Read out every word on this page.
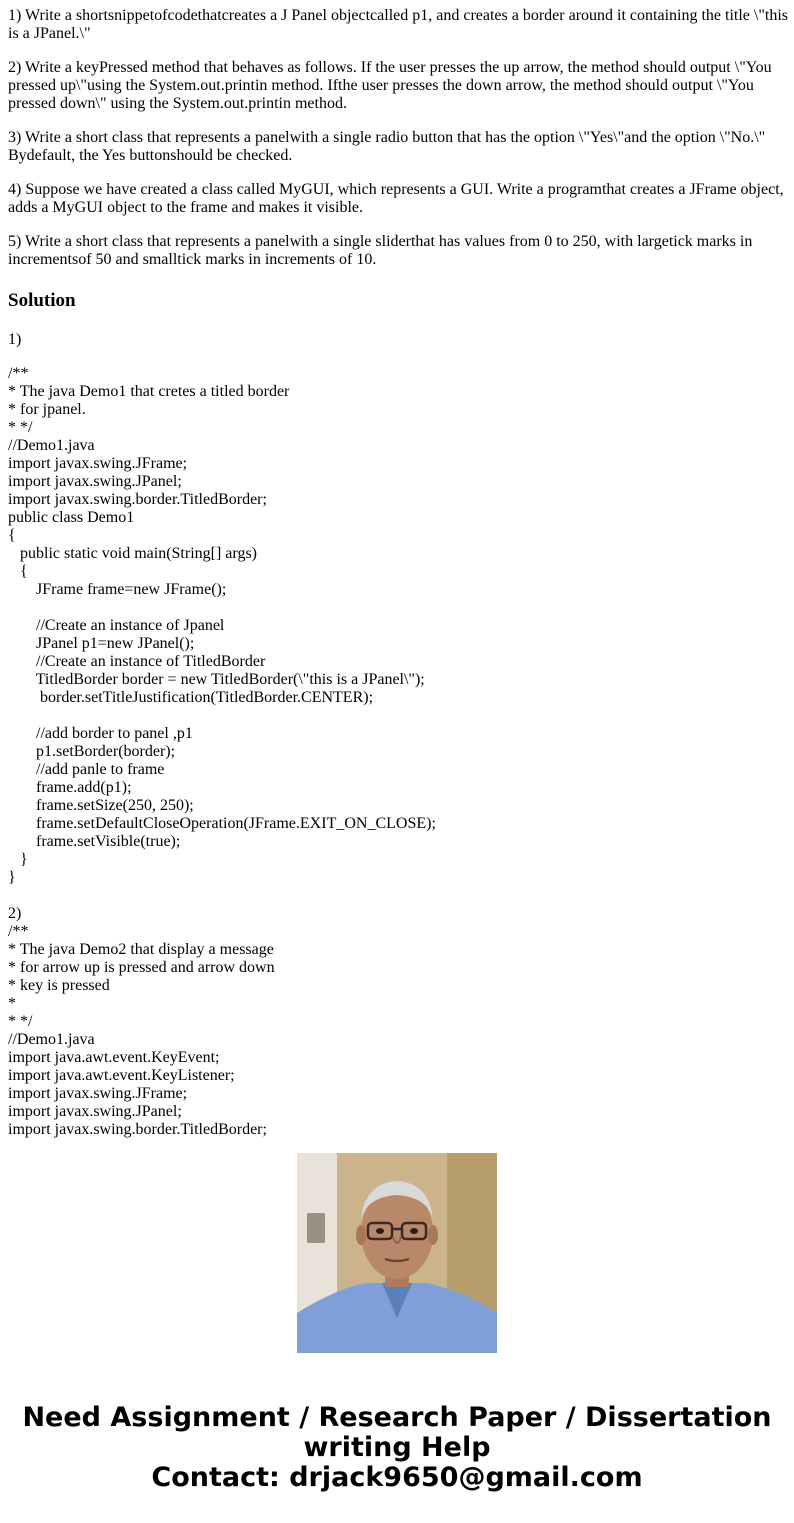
1) Write a shortsnippetofcodethatcreates a J Panel objectcalled p1, and creates a border around it containing the title \"this is a JPanel.\"

2) Write a keyPressed method that behaves as follows. If the user presses the up arrow, the method should output \"You pressed up\"using the System.out.printin method. Ifthe user presses the down arrow, the method should output \"You pressed down\" using the System.out.printin method.

3) Write a short class that represents a panelwith a single radio button that has the option \"Yes\"and the option \"No.\" Bydefault, the Yes buttonshould be checked.

4) Suppose we have created a class called MyGUI, which represents a GUI. Write a programthat creates a JFrame object, adds a MyGUI object to the frame and makes it visible.

5) Write a short class that represents a panelwith a single sliderthat has values from 0 to 250, with largetick marks in incrementsof 50 and smalltick marks in increments of 10.

Solution

1)

/**
* The java Demo1 that cretes a titled border
* for jpanel.
* */
//Demo1.java
import javax.swing.JFrame;
import javax.swing.JPanel;
import javax.swing.border.TitledBorder;
public class Demo1
{
public static void main(String[] args)
{
JFrame frame=new JFrame();

//Create an instance of Jpanel
JPanel p1=new JPanel();
//Create an instance of TitledBorder
TitledBorder border = new TitledBorder(\"this is a JPanel\");
border.setTitleJustification(TitledBorder.CENTER);

//add border to panel ,p1
p1.setBorder(border);
//add panle to frame
frame.add(p1);
frame.setSize(250, 250);
frame.setDefaultCloseOperation(JFrame.EXIT_ON_CLOSE);
frame.setVisible(true);
}
}
2)
/**
* The java Demo2 that display a message
* for arrow up is pressed and arrow down
* key is pressed
*
* */
//Demo1.java
import java.awt.event.KeyEvent;
import java.awt.event.KeyListener;
import javax.swing.JFrame;
import javax.swing.JPanel;
import javax.swing.border.TitledBorder;
Need Assignment / Research Paper / Dissertation
writing Help
Contact: drjack9650@gmail.com
